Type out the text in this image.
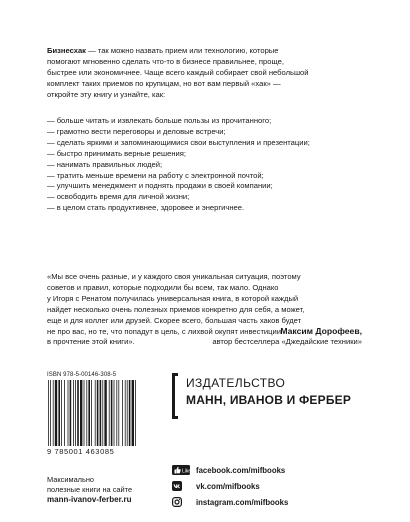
Бизнесхак — так можно назвать прием или технологию, которые
помогают мгновенно сделать что-то в бизнесе правильнее, проще,
быстрее или экономичнее. Чаще всего каждый собирает свой небольшой
комплект таких приемов по крупицам, но вот вам первый «хак» —
откройте эту книгу и узнайте, как:
— больше читать и извлекать больше пользы из прочитанного;
— грамотно вести переговоры и деловые встречи;
— сделать яркими и запоминающимися свои выступления и презентации;
— быстро принимать верные решения;
— нанимать правильных людей;
— тратить меньше времени на работу с электронной почтой;
— улучшить менеджмент и поднять продажи в своей компании;
— освободить время для личной жизни;
— в целом стать продуктивнее, здоровее и энергичнее.
«Мы все очень разные, и у каждого своя уникальная ситуация, поэтому
советов и правил, которые подходили бы всем, так мало. Однако
у Игоря с Ренатом получилась универсальная книга, в которой каждый
найдет несколько очень полезных приемов конкретно для себя, а может,
еще и для коллег или друзей. Скорее всего, большая часть хаков будет
не про вас, но те, что попадут в цель, с лихвой окупят инвестиции
в прочтение этой книги».
Максим Дорофеев,
автор бестселлера «Джедайские техники»
ISBN 978-5-00146-308-5
9 785001 463085
Максимально
полезные книги на сайте
mann-ivanov-ferber.ru
ИЗДАТЕЛЬСТВО
МАНН, ИВАНОВ И ФЕРБЕР
Like facebook.com/mifbooks
vk.com/mifbooks
instagram.com/mifbooks
